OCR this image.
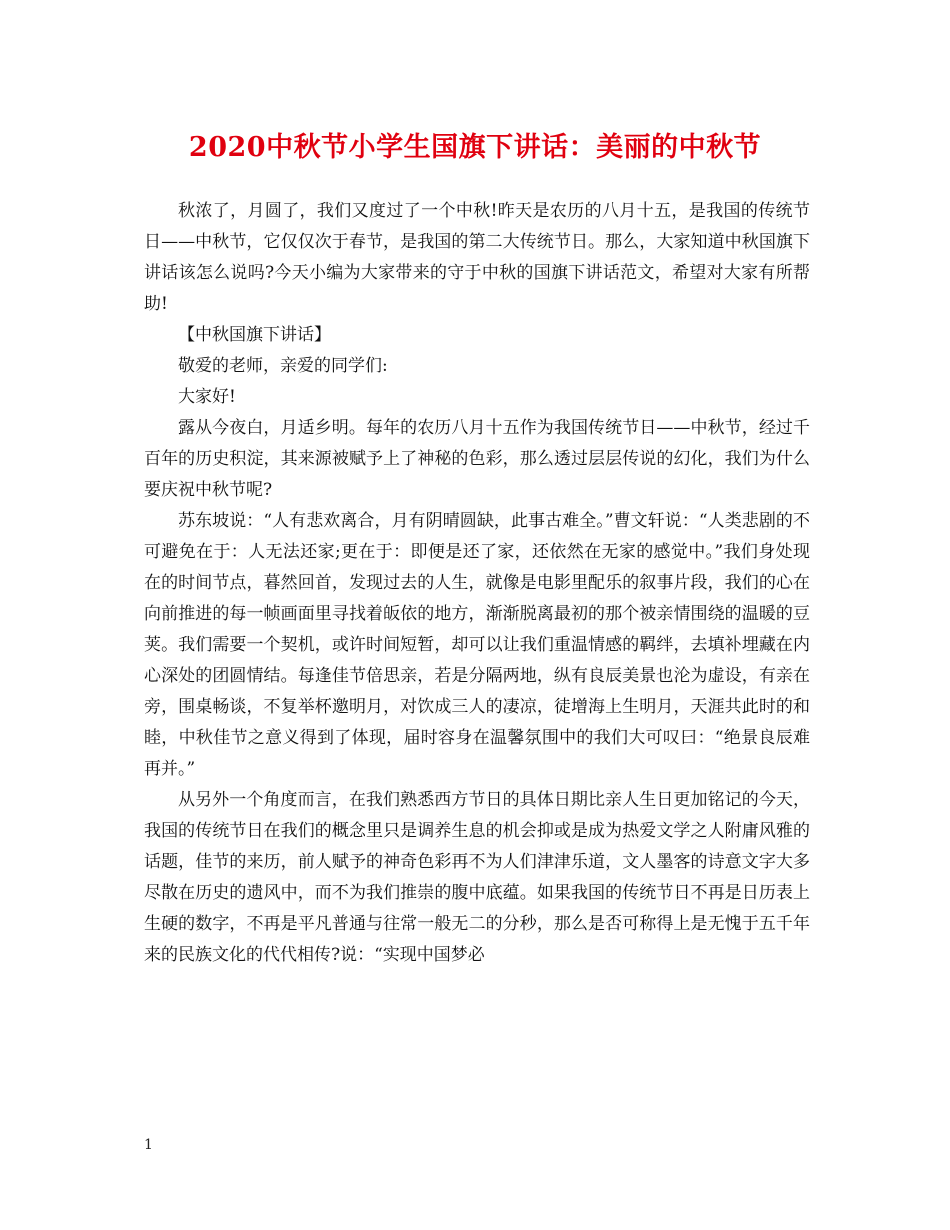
2020中秋节小学生国旗下讲话：美丽的中秋节

秋浓了，月圆了，我们又度过了一个中秋!昨天是农历的八月十五，是我国的传统节日——中秋节，它仅仅次于春节，是我国的第二大传统节日。那么，大家知道中秋国旗下讲话该怎么说吗?今天小编为大家带来的守于中秋的国旗下讲话范文，希望对大家有所帮助!

【中秋国旗下讲话】

敬爱的老师，亲爱的同学们:

大家好!

露从今夜白，月适乡明。每年的农历八月十五作为我国传统节日——中秋节，经过千百年的历史积淀，其来源被赋予上了神秘的色彩，那么透过层层传说的幻化，我们为什么要庆祝中秋节呢?

苏东坡说：“人有悲欢离合，月有阴晴圆缺，此事古难全。”曹文轩说：“人类悲剧的不可避免在于：人无法还家;更在于：即便是还了家，还依然在无家的感觉中。”我们身处现在的时间节点，暮然回首，发现过去的人生，就像是电影里配乐的叙事片段，我们的心在向前推进的每一帧画面里寻找着皈依的地方，渐渐脱离最初的那个被亲情围绕的温暖的豆荚。我们需要一个契机，或许时间短暂，却可以让我们重温情感的羁绊，去填补埋藏在内心深处的团圆情结。每逢佳节倍思亲，若是分隔两地，纵有良辰美景也沦为虚设，有亲在旁，围桌畅谈，不复举杯邀明月，对饮成三人的凄凉，徒增海上生明月，天涯共此时的和睦，中秋佳节之意义得到了体现，届时容身在温馨氛围中的我们大可叹曰：“绝景良辰难再并。”

从另外一个角度而言，在我们熟悉西方节日的具体日期比亲人生日更加铭记的今天，我国的传统节日在我们的概念里只是调养生息的机会抑或是成为热爱文学之人附庸风雅的话题，佳节的来历，前人赋予的神奇色彩再不为人们津津乐道，文人墨客的诗意文字大多尽散在历史的遗风中，而不为我们推崇的腹中底蕴。如果我国的传统节日不再是日历表上生硬的数字，不再是平凡普通与往常一般无二的分秒，那么是否可称得上是无愧于五千年来的民族文化的代代相传?说：“实现中国梦必

1
